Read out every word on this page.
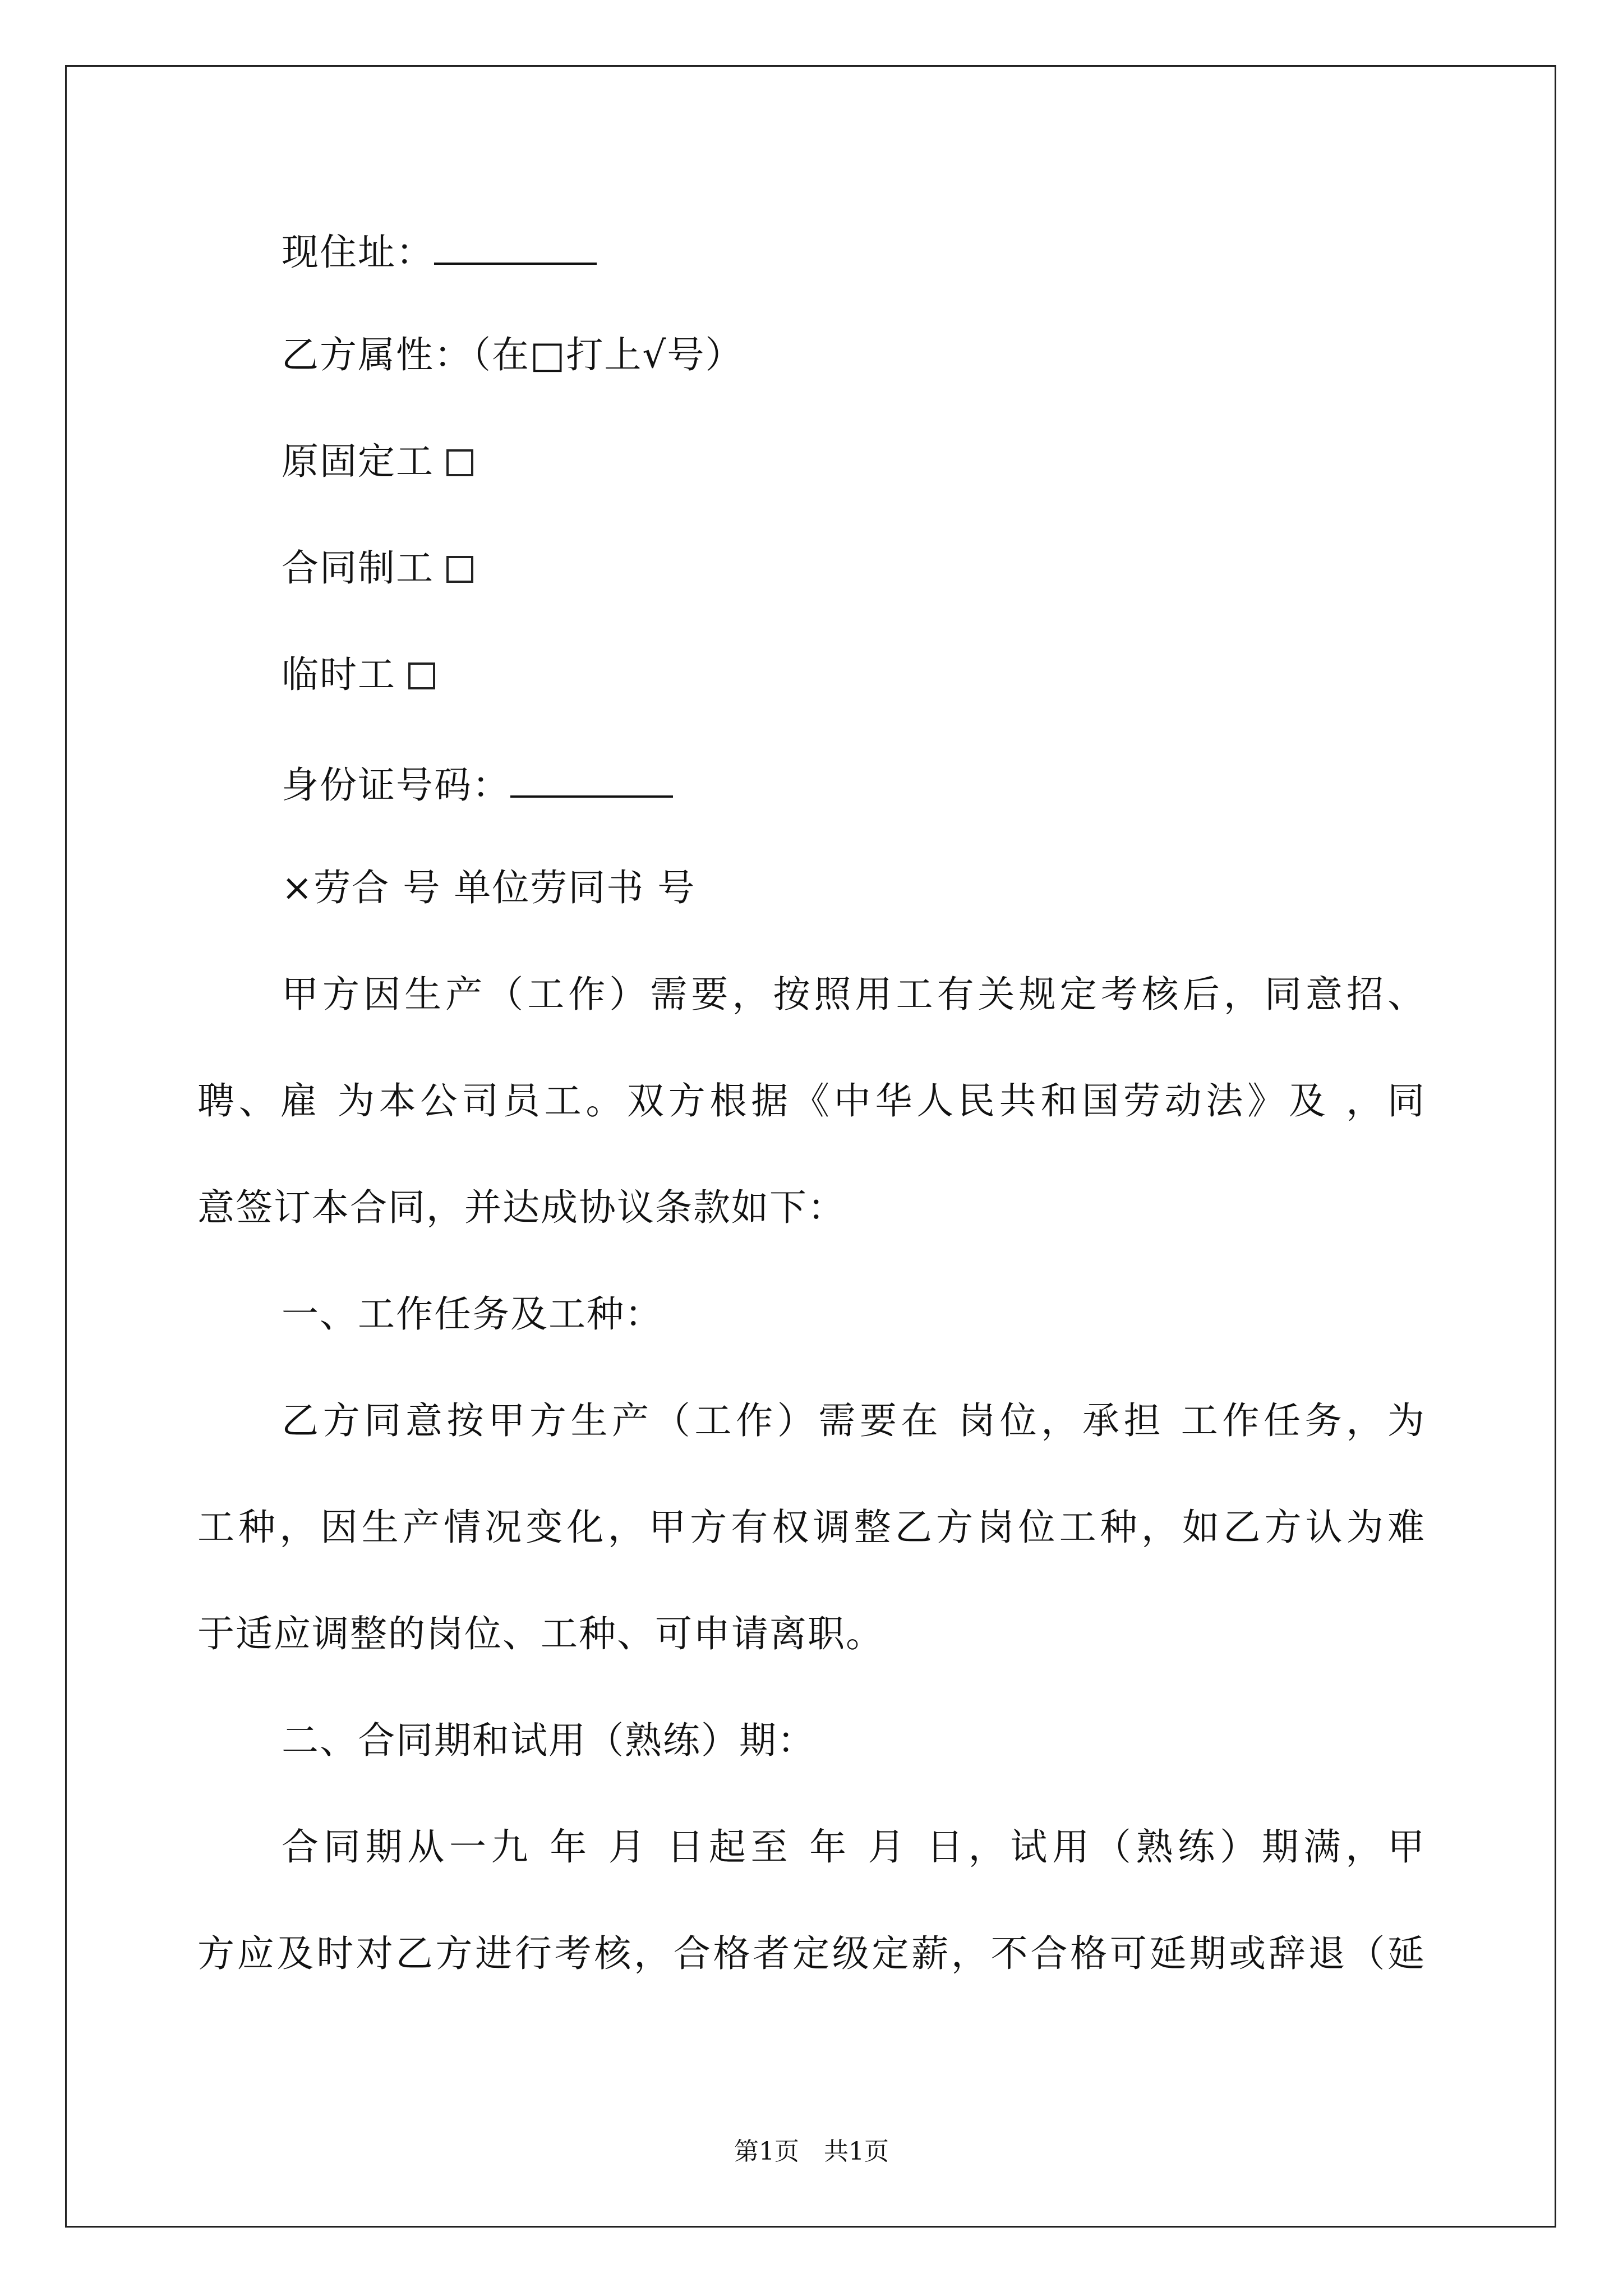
现住址：
乙方属性：（在□打上√号）
原固定工
合同制工
临时工
身份证号码：
×劳合 号 单位劳同书 号
甲方因生产（工作）需要，按照用工有关规定考核后，同意招、
聘、雇 为本公司员工。双方根据《中华人民共和国劳动法》及 ，同
意签订本合同，并达成协议条款如下：
一、工作任务及工种：
乙方同意按甲方生产（工作）需要在 岗位，承担 工作任务，为
工种，因生产情况变化，甲方有权调整乙方岗位工种，如乙方认为难
于适应调整的岗位、工种、可申请离职。
二、合同期和试用（熟练）期：
合同期从一九 年 月 日起至 年 月 日，试用（熟练）期满，甲
方应及时对乙方进行考核，合格者定级定薪，不合格可延期或辞退（延
第1页　共1页
